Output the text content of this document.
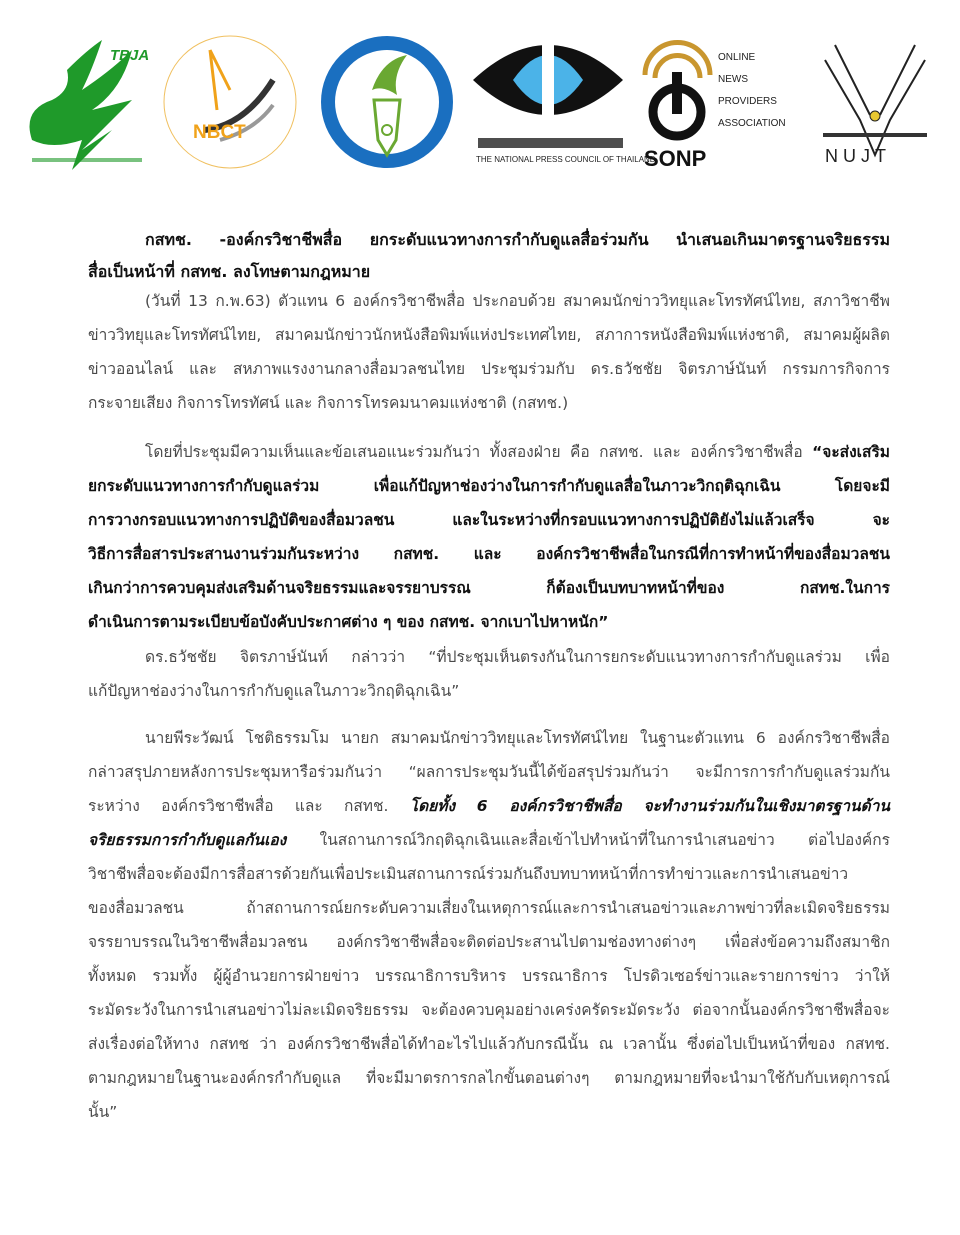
TBJA
NBCT
THE NATIONAL PRESS COUNCIL OF THAILAND
SONP
ONLINE
NEWS
PROVIDERS
ASSOCIATION
NUJT
กสทช. -องค์กรวิชาชีพสื่อ ยกระดับแนวทางการกำกับดูแลสื่อร่วมกัน นำเสนอเกินมาตรฐานจริยธรรม
สื่อเป็นหน้าที่ กสทช. ลงโทษตามกฎหมาย
(วันที่ 13 ก.พ.63) ตัวแทน 6 องค์กรวิชาชีพสื่อ ประกอบด้วย สมาคมนักข่าววิทยุและโทรทัศน์ไทย, สภาวิชาชีพ
ข่าววิทยุและโทรทัศน์ไทย, สมาคมนักข่าวนักหนังสือพิมพ์แห่งประเทศไทย, สภาการหนังสือพิมพ์แห่งชาติ, สมาคมผู้ผลิต
ข่าวออนไลน์ และ สหภาพแรงงานกลางสื่อมวลชนไทย ประชุมร่วมกับ ดร.ธวัชชัย จิตรภาษ์นันท์ กรรมการกิจการ
กระจายเสียง กิจการโทรทัศน์ และ กิจการโทรคมนาคมแห่งชาติ (กสทช.)
โดยที่ประชุมมีความเห็นและข้อเสนอแนะร่วมกันว่า ทั้งสองฝ่าย คือ กสทช. และ องค์กรวิชาชีพสื่อ “จะส่งเสริม
ยกระดับแนวทางการกำกับดูแลร่วม เพื่อแก้ปัญหาช่องว่างในการกำกับดูแลสื่อในภาวะวิกฤติฉุกเฉิน โดยจะมี
การวางกรอบแนวทางการปฏิบัติของสื่อมวลชน และในระหว่างที่กรอบแนวทางการปฏิบัติยังไม่แล้วเสร็จ จะ
วิธีการสื่อสารประสานงานร่วมกันระหว่าง กสทช. และ องค์กรวิชาชีพสื่อในกรณีที่การทำหน้าที่ของสื่อมวลชน
เกินกว่าการควบคุมส่งเสริมด้านจริยธรรมและจรรยาบรรณ ก็ต้องเป็นบทบาทหน้าที่ของ กสทช.ในการ
ดำเนินการตามระเบียบข้อบังคับประกาศต่าง ๆ ของ กสทช. จากเบาไปหาหนัก”
ดร.ธวัชชัย จิตรภาษ์นันท์ กล่าวว่า “ที่ประชุมเห็นตรงกันในการยกระดับแนวทางการกำกับดูแลร่วม เพื่อ
แก้ปัญหาช่องว่างในการกำกับดูแลในภาวะวิกฤติฉุกเฉิน”
นายพีระวัฒน์ โชติธรรมโม นายก สมาคมนักข่าววิทยุและโทรทัศน์ไทย ในฐานะตัวแทน 6 องค์กรวิชาชีพสื่อ
กล่าวสรุปภายหลังการประชุมหารือร่วมกันว่า “ผลการประชุมวันนี้ได้ข้อสรุปร่วมกันว่า จะมีการการกำกับดูแลร่วมกัน
ระหว่าง องค์กรวิชาชีพสื่อ และ กสทช. โดยทั้ง 6 องค์กรวิชาชีพสื่อ จะทำงานร่วมกันในเชิงมาตรฐานด้าน
จริยธรรมการกำกับดูแลกันเอง ในสถานการณ์วิกฤติฉุกเฉินและสื่อเข้าไปทำหน้าที่ในการนำเสนอข่าว ต่อไปองค์กร
วิชาชีพสื่อจะต้องมีการสื่อสารด้วยกันเพื่อประเมินสถานการณ์ร่วมกันถึงบทบาทหน้าที่การทำข่าวและการนำเสนอข่าว
ของสื่อมวลชน ถ้าสถานการณ์ยกระดับความเสี่ยงในเหตุการณ์และการนำเสนอข่าวและภาพข่าวที่ละเมิดจริยธรรม
จรรยาบรรณในวิชาชีพสื่อมวลชน องค์กรวิชาชีพสื่อจะติดต่อประสานไปตามช่องทางต่างๆ เพื่อส่งข้อความถึงสมาชิก
ทั้งหมด รวมทั้ง ผู้ผู้อำนวยการฝ่ายข่าว บรรณาธิการบริหาร บรรณาธิการ โปรดิวเซอร์ข่าวและรายการข่าว ว่าให้
ระมัดระวังในการนำเสนอข่าวไม่ละเมิดจริยธรรม จะต้องควบคุมอย่างเคร่งครัดระมัดระวัง ต่อจากนั้นองค์กรวิชาชีพสื่อจะ
ส่งเรื่องต่อให้ทาง กสทช ว่า องค์กรวิชาชีพสื่อได้ทำอะไรไปแล้วกับกรณีนั้น ณ เวลานั้น ซึ่งต่อไปเป็นหน้าที่ของ กสทช.
ตามกฎหมายในฐานะองค์กรกำกับดูแล ที่จะมีมาตรการกลไกขั้นตอนต่างๆ ตามกฎหมายที่จะนำมาใช้กับกับเหตุการณ์
นั้น”
